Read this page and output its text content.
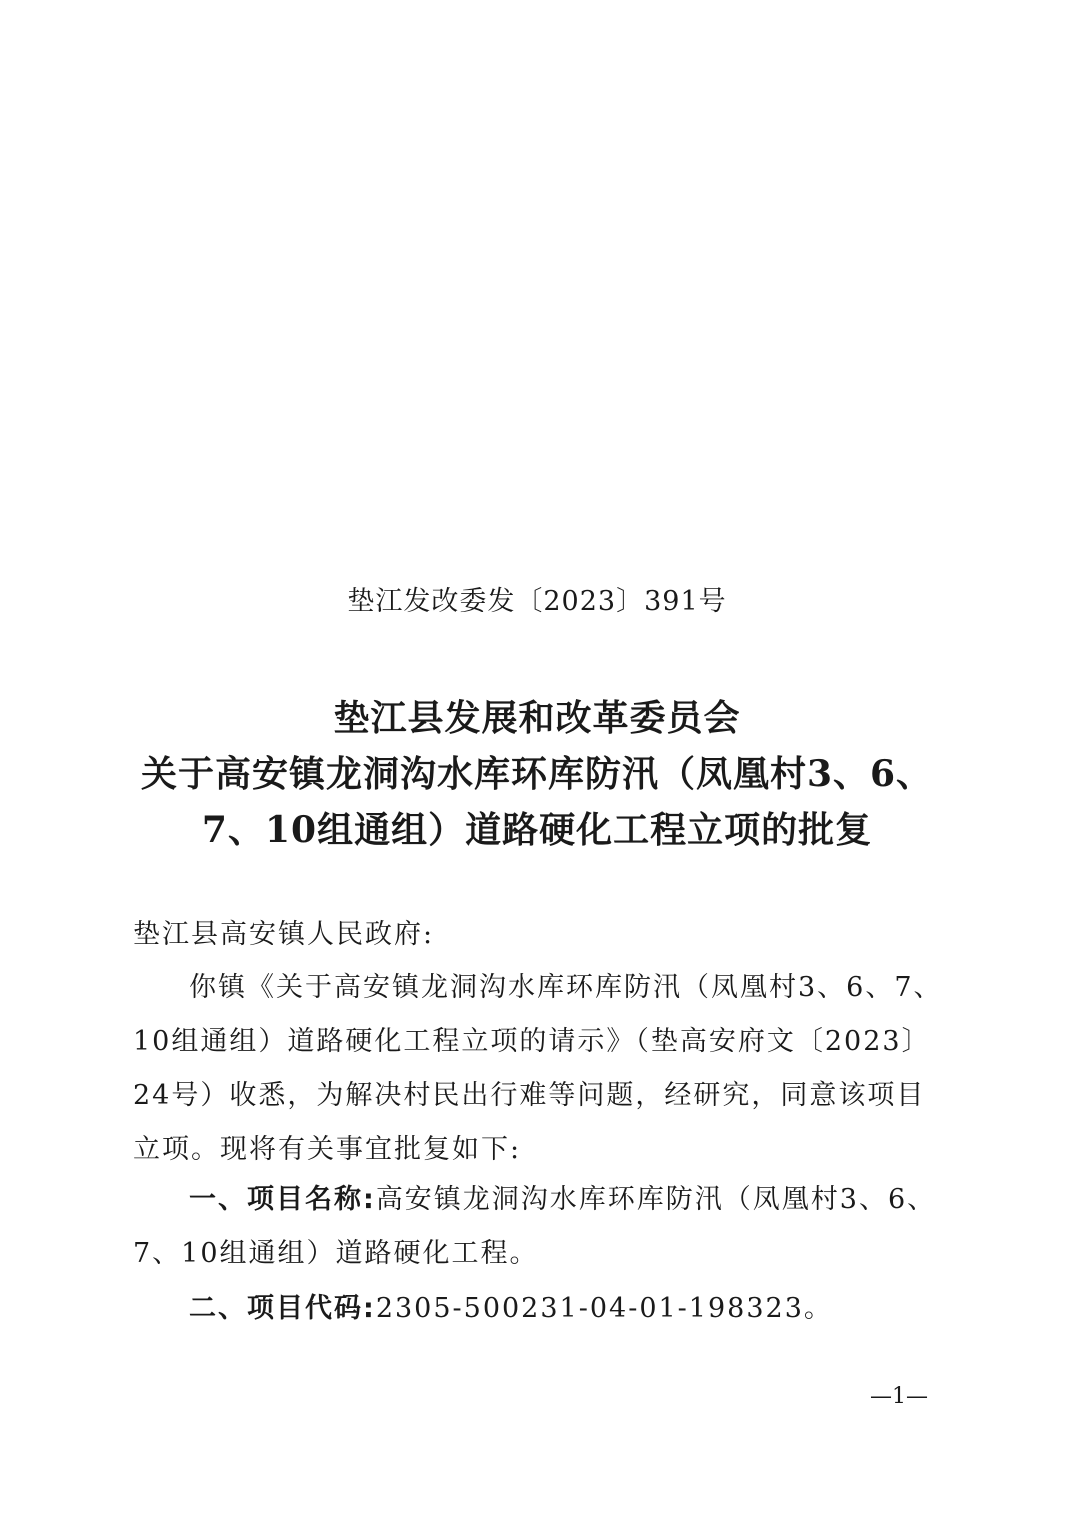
垫江发改委发〔2023〕391号
垫江县发展和改革委员会
关于高安镇龙洞沟水库环库防汛（凤凰村3、6、
7、10组通组）道路硬化工程立项的批复
垫江县高安镇人民政府:
你镇《关于高安镇龙洞沟水库环库防汛（凤凰村3、6、7、
10组通组）道路硬化工程立项的请示》（垫高安府文〔2023〕
24号）收悉，为解决村民出行难等问题，经研究，同意该项目
立项。现将有关事宜批复如下:
一、项目名称:高安镇龙洞沟水库环库防汛（凤凰村3、6、
7、10组通组）道路硬化工程。
二、项目代码:2305-500231-04-01-198323。
—1—
